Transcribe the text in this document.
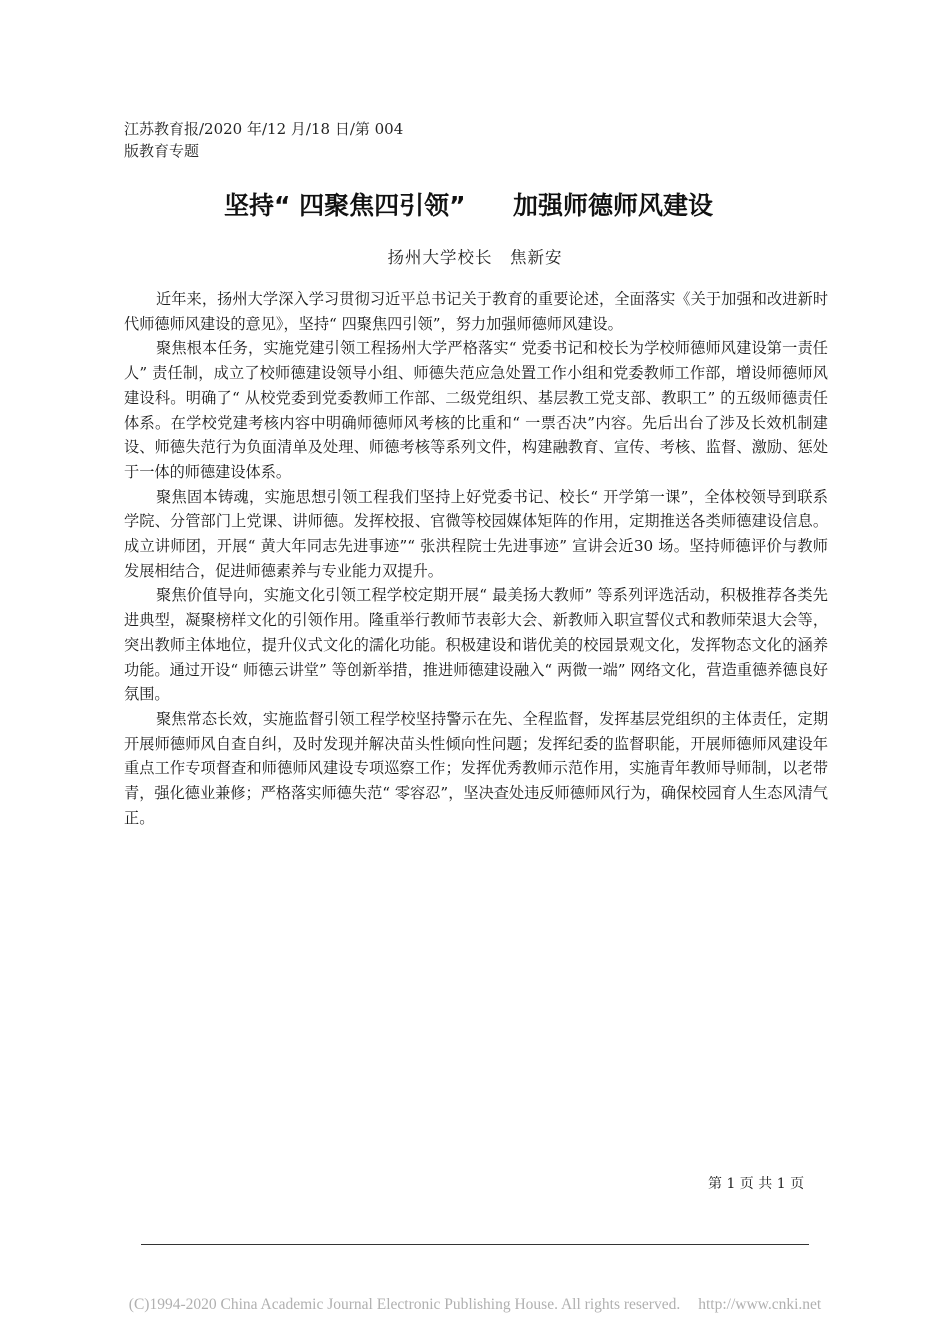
江苏教育报/2020 年/12 月/18 日/第 004
版教育专题
坚持“ 四聚焦四引领” 加强师德师风建设
扬州大学校长　焦新安

近年来，扬州大学深入学习贯彻习近平总书记关于教育的重要论述，全面落实《关于加强和改进新时代师德师风建设的意见》，坚持“ 四聚焦四引领”，努力加强师德师风建设。

聚焦根本任务，实施党建引领工程扬州大学严格落实“ 党委书记和校长为学校师德师风建设第一责任人” 责任制，成立了校师德建设领导小组、师德失范应急处置工作小组和党委教师工作部，增设师德师风建设科。明确了“ 从校党委到党委教师工作部、二级党组织、基层教工党支部、教职工” 的五级师德责任体系。在学校党建考核内容中明确师德师风考核的比重和“ 一票否决”内容。先后出台了涉及长效机制建设、师德失范行为负面清单及处理、师德考核等系列文件，构建融教育、宣传、考核、监督、激励、惩处于一体的师德建设体系。

聚焦固本铸魂，实施思想引领工程我们坚持上好党委书记、校长“ 开学第一课”，全体校领导到联系学院、分管部门上党课、讲师德。发挥校报、官微等校园媒体矩阵的作用，定期推送各类师德建设信息。成立讲师团，开展“ 黄大年同志先进事迹”“ 张洪程院士先进事迹” 宣讲会近30 场。坚持师德评价与教师发展相结合，促进师德素养与专业能力双提升。

聚焦价值导向，实施文化引领工程学校定期开展“ 最美扬大教师” 等系列评选活动，积极推荐各类先进典型，凝聚榜样文化的引领作用。隆重举行教师节表彰大会、新教师入职宣誓仪式和教师荣退大会等，突出教师主体地位，提升仪式文化的濡化功能。积极建设和谐优美的校园景观文化，发挥物态文化的涵养功能。通过开设“ 师德云讲堂” 等创新举措，推进师德建设融入“ 两微一端” 网络文化，营造重德养德良好氛围。

聚焦常态长效，实施监督引领工程学校坚持警示在先、全程监督，发挥基层党组织的主体责任，定期开展师德师风自查自纠，及时发现并解决苗头性倾向性问题；发挥纪委的监督职能，开展师德师风建设年重点工作专项督查和师德师风建设专项巡察工作；发挥优秀教师示范作用，实施青年教师导师制，以老带青，强化德业兼修；严格落实师德失范“ 零容忍”，坚决查处违反师德师风行为，确保校园育人生态风清气正。

第 1 页 共 1 页
(C)1994-2020 China Academic Journal Electronic Publishing House. All rights reserved. http://www.cnki.net
